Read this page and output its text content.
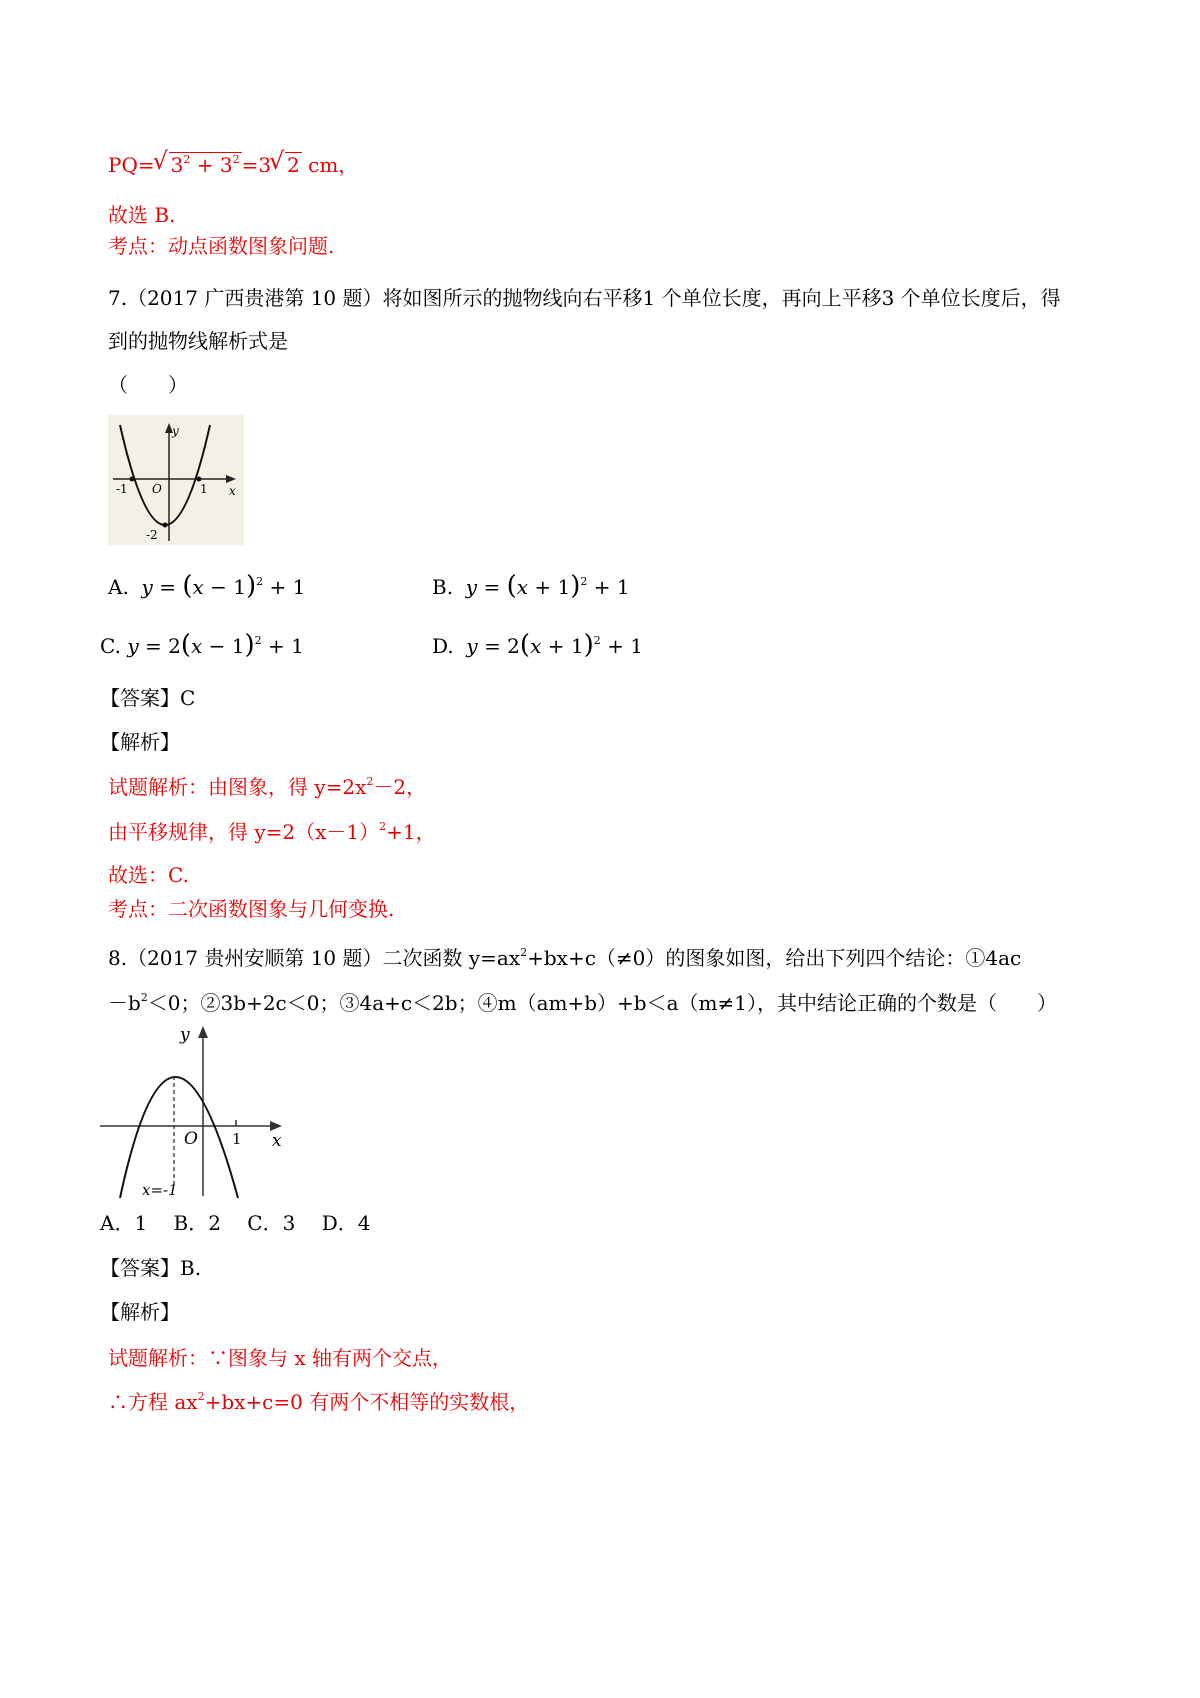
PQ=√ $3^2 + 3^2 =3√$ 2 cm，
故选 B.
考点：动点函数图象问题.
7.（2017 广西贵港第 10 题）将如图所示的抛物线向右平移1 个单位长度，再向上平移3 个单位长度后，得
到的抛物线解析式是
（　　）
y
x
-1 O	1
-2
A. $y = (x - 1)^2 + 1$	B. $y = (x + 1)^2 + 1$
C. $y = 2(x - 1)^2 + 1$	D. $y = 2(x + 1)^2 + 1$
【答案】C
【解析】
试题解析：由图象，得 $y=2x^2-2$，
由平移规律，得 $y=2(x-1)^2+1$，
故选：C.
考点：二次函数图象与几何变换.
8.（2017 贵州安顺第 10 题）二次函数 $y=ax^2+bx+c(\ne 0)$的图象如图，给出下列四个结论：①4ac
$-b^2<0$；②3b+2c＜0；③4a+c＜2b；④m（am+b）+b＜a（m≠1），其中结论正确的个数是（　　）
y
x
O 1
x=-1
A．1　 B．2　 C．3　 D．4
【答案】B.
【解析】
试题解析：∵图象与 x 轴有两个交点，
∴方程 $ax^2+bx+c=0$ 有两个不相等的实数根，
